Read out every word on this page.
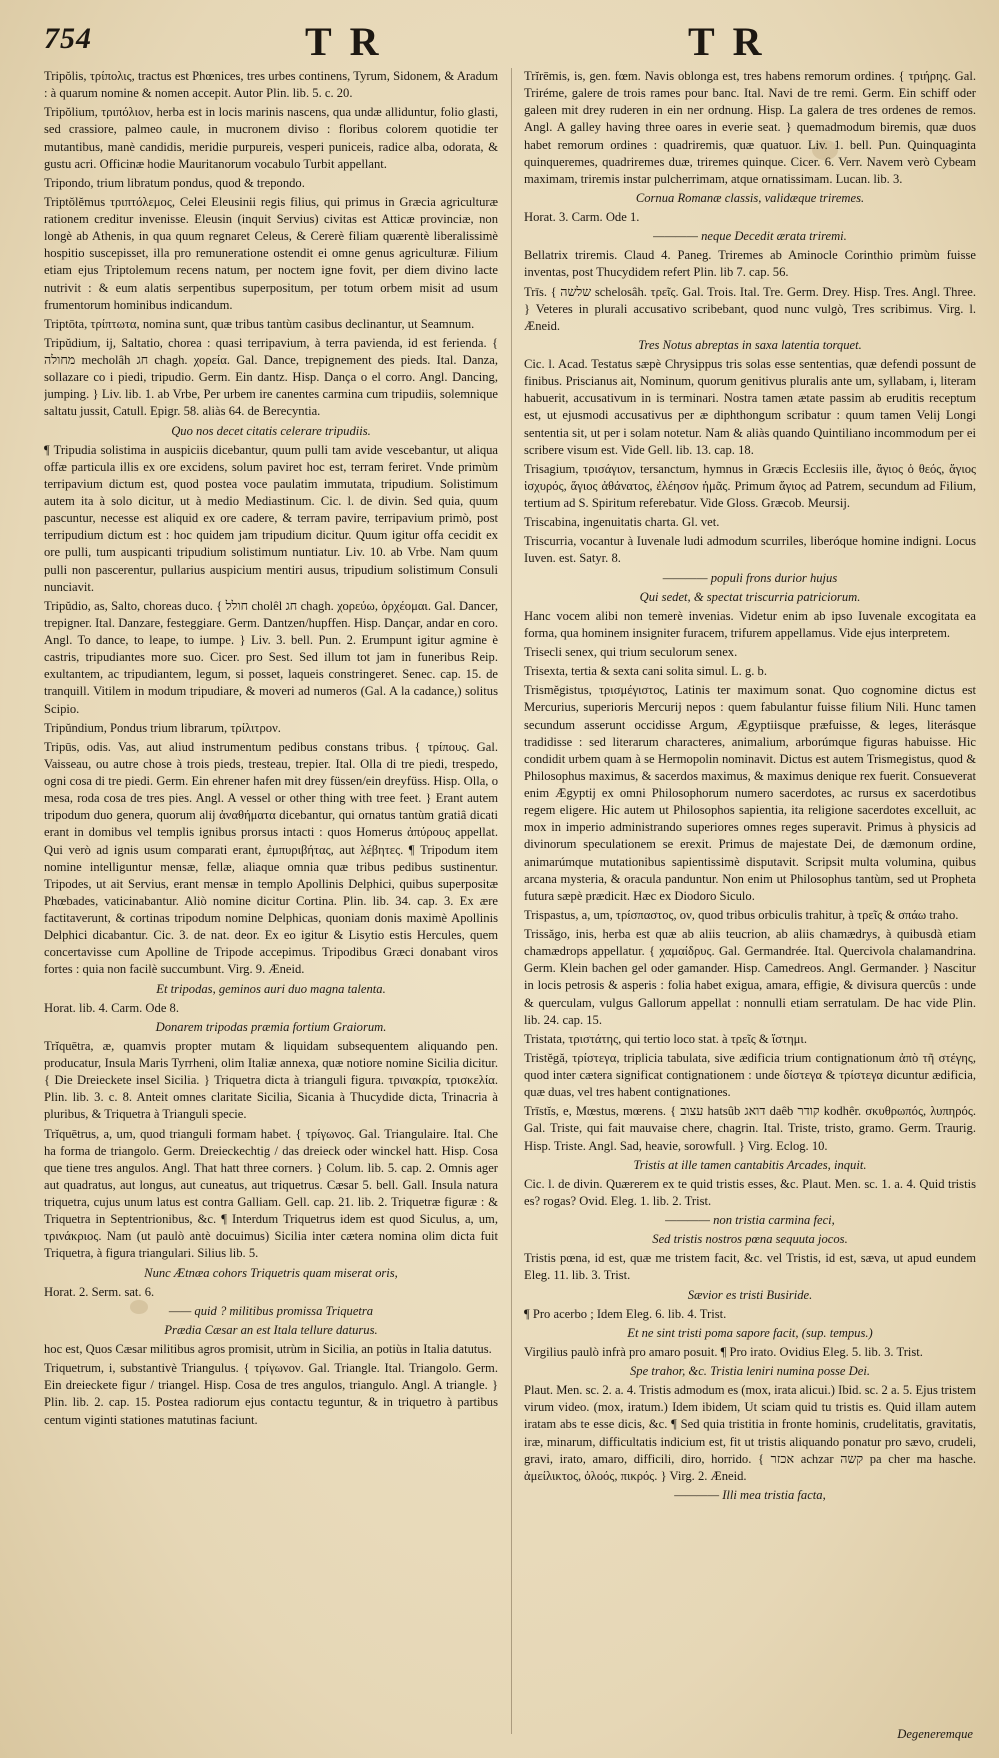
754	TR	TR

Tripŏlis, τρίπολις, tractus est Phœnices, tres urbes continens, Tyrum, Sidonem, & Aradum : à quarum nomine & nomen accepit. Autor Plin. lib. 5. c. 20.

Tripŏlium, τριπόλιον, herba est in locis marinis nascens, qua undæ alliduntur, folio glasti, sed crassiore, palmeo caule, in mucronem diviso : floribus colorem quotidie ter mutantibus, manè candidis, meridie purpureis, vesperi puniceis, radice alba, odorata, & gustu acri. Officinæ hodie Mauritanorum vocabulo Turbit appellant.

Tripondo, trium libratum pondus, quod & trepondo.

Triptŏlĕmus τριπτόλεμος, Celei Eleusinii regis filius, qui primus in Græcia agriculturæ rationem creditur invenisse. Eleusin (inquit Servius) civitas est Atticæ provinciæ, non longè ab Athenis, in qua quum regnaret Celeus, & Cererè filiam quærentè liberalissimè hospitio suscepisset, illa pro remuneratione ostendit ei omne genus agriculturæ. Filium etiam ejus Triptolemum recens natum, per noctem igne fovit, per diem divino lacte nutrivit : & eum alatis serpentibus superpositum, per totum orbem misit ad usum frumentorum hominibus indicandum.

Triptōta, τρίπτωτα, nomina sunt, quæ tribus tantùm casibus declinantur, ut Seamnum.

Tripŭdium, ij, Saltatio, chorea : quasi terripavium, à terra pavienda, id est ferienda. { מחולה mecholâh חג chagh. χορεία. Gal. Dance, trepignement des pieds. Ital. Danza, sollazare co i piedi, tripudio. Germ. Ein dantz. Hisp. Dança o el corro. Angl. Dancing, jumping. } Liv. lib. 1. ab Vrbe, Per urbem ire canentes carmina cum tripudiis, solemnique saltatu jussit, Catull. Epigr. 58. aliàs 64. de Berecyntia.

Quo nos decet citatis celerare tripudiis.

¶ Tripudia solistima in auspiciis dicebantur, quum pulli tam avide vescebantur, ut aliqua offæ particula illis ex ore excidens, solum paviret hoc est, terram feriret. Vnde primùm terripavium dictum est, quod postea voce paulatim immutata, tripudium. Solistimum autem ita à solo dicitur, ut à medio Mediastinum. Cic. l. de divin. Sed quia, quum pascuntur, necesse est aliquid ex ore cadere, & terram pavire, terripavium primò, post terripudium dictum est : hoc quidem jam tripudium dicitur. Quum igitur offa cecidit ex ore pulli, tum auspicanti tripudium solistimum nuntiatur. Liv. 10. ab Vrbe. Nam quum pulli non pascerentur, pullarius auspicium mentiri ausus, tripudium solistimum Consuli nunciavit.

Tripŭdio, as, Salto, choreas duco. { חולל cholêl חג chagh. χορεύω, ὀρχέομαι. Gal. Dancer, trepigner. Ital. Danzare, festeggiare. Germ. Dantzen/hupffen. Hisp. Dançar, andar en coro. Angl. To dance, to leape, to iumpe. } Liv. 3. bell. Pun. 2. Erumpunt igitur agmine è castris, tripudiantes more suo. Cicer. pro Sest. Sed illum tot jam in funeribus Reip. exultantem, ac tripudiantem, legum, si posset, laqueis constringeret. Senec. cap. 15. de tranquill. Vitilem in modum tripudiare, & moveri ad numeros (Gal. A la cadance,) solitus Scipio.

Tripŭndium, Pondus trium librarum, τρίλιτρον.

Tripūs, odis. Vas, aut aliud instrumentum pedibus constans tribus. { τρίπους. Gal. Vaisseau, ou autre chose à trois pieds, tresteau, trepier. Ital. Olla di tre piedi, trespedo, ogni cosa di tre piedi. Germ. Ein ehrener hafen mit drey füssen/ein dreyfüss. Hisp. Olla, o mesa, roda cosa de tres pies. Angl. A vessel or other thing with tree feet. } Erant autem tripodum duo genera, quorum alij ἀναθήματα dicebantur, qui ornatus tantùm gratiâ dicati erant in domibus vel templis ignibus prorsus intacti : quos Homerus ἀπύρους appellat. Qui verò ad ignis usum comparati erant, ἐμπυριβήτας, aut λέβητες. ¶ Tripodum item nomine intelliguntur mensæ, fellæ, aliaque omnia quæ tribus pedibus sustinentur. Tripodes, ut ait Servius, erant mensæ in templo Apollinis Delphici, quibus superpositæ Phœbades, vaticinabantur. Aliò nomine dicitur Cortina. Plin. lib. 34. cap. 3. Ex ære factitaverunt, & cortinas tripodum nomine Delphicas, quoniam donis maximè Apollinis Delphici dicabantur. Cic. 3. de nat. deor. Ex eo igitur & Lisytio estis Hercules, quem concertavisse cum Apolline de Tripode accepimus. Tripodibus Græci donabant viros fortes : quia non facilè succumbunt. Virg. 9. Æneid.

Et tripodas, geminos auri duo magna talenta.

Horat. lib. 4. Carm. Ode 8.

Donarem tripodas præmia fortium Graiorum.

Trĭquētra, æ, quamvis propter mutam & liquidam subsequentem aliquando pen. producatur, Insula Maris Tyrrheni, olim Italiæ annexa, quæ notiore nomine Sicilia dicitur. { Die Dreieckete insel Sicilia. } Triquetra dicta à trianguli figura. τρινακρία, τρισκελία. Plin. lib. 3. c. 8. Anteit omnes claritate Sicilia, Sicania à Thucydide dicta, Trinacria à pluribus, & Triquetra à Trianguli specie.

Trĭquētrus, a, um, quod trianguli formam habet. { τρίγωνος. Gal. Triangulaire. Ital. Che ha forma de triangolo. Germ. Dreieckechtig / das dreieck oder winckel hatt. Hisp. Cosa que tiene tres angulos. Angl. That hatt three corners. } Colum. lib. 5. cap. 2. Omnis ager aut quadratus, aut longus, aut cuneatus, aut triquetrus. Cæsar 5. bell. Gall. Insula natura triquetra, cujus unum latus est contra Galliam. Gell. cap. 21. lib. 2. Triquetræ figuræ : & Triquetra in Septentrionibus, &c. ¶ Interdum Triquetrus idem est quod Siculus, a, um, τρινάκριος. Nam (ut paulò antè docuimus) Sicilia inter cætera nomina olim dicta fuit Triquetra, à figura triangulari. Silius lib. 5.

Nunc Ætnæa cohors Triquetris quam miserat oris,

Horat. 2. Serm. sat. 6.

—— quid ? militibus promissa Triquetra

Prædia Cæsar an est Itala tellure daturus.

hoc est, Quos Cæsar militibus agros promisit, utrùm in Sicilia, an potiùs in Italia datutus.

Triquetrum, i, substantivè Triangulus. { τρίγωνον. Gal. Triangle. Ital. Triangolo. Germ. Ein dreieckete figur / triangel. Hisp. Cosa de tres angulos, triangulo. Angl. A triangle. } Plin. lib. 2. cap. 15. Postea radiorum ejus contactu teguntur, & in triquetro à partibus centum viginti stationes matutinas faciunt.

Trĭrēmis, is, gen. fœm. Navis oblonga est, tres habens remorum ordines. { τριήρης. Gal. Triréme, galere de trois rames pour banc. Ital. Navi de tre remi. Germ. Ein schiff oder galeen mit drey ruderen in ein ner ordnung. Hisp. La galera de tres ordenes de remos. Angl. A galley having three oares in everie seat. } quemadmodum biremis, quæ duos habet remorum ordines : quadriremis, quæ quatuor. Liv. 1. bell. Pun. Quinquaginta quinqueremes, quadriremes duæ, triremes quinque. Cicer. 6. Verr. Navem verò Cybeam maximam, triremis instar pulcherrimam, atque ornatissimam. Lucan. lib. 3.

Cornua Romanæ classis, validæque triremes.

Horat. 3. Carm. Ode 1.

———— neque Decedit ærata triremi.

Bellatrix triremis. Claud 4. Paneg. Triremes ab Aminocle Corinthio primùm fuisse inventas, post Thucydidem refert Plin. lib 7. cap. 56.

Trīs. { שלשה schelosâh. τρεῖς. Gal. Trois. Ital. Tre. Germ. Drey. Hisp. Tres. Angl. Three. } Veteres in plurali accusativo scribebant, quod nunc vulgò, Tres scribimus. Virg. l. Æneid.

Tres Notus abreptas in saxa latentia torquet.

Cic. l. Acad. Testatus sæpè Chrysippus tris solas esse sententias, quæ defendi possunt de finibus. Priscianus ait, Nominum, quorum genitivus pluralis ante um, syllabam, i, literam habuerit, accusativum in is terminari. Nostra tamen ætate passim ab eruditis receptum est, ut ejusmodi accusativus per æ diphthongum scribatur : quum tamen Velij Longi sententia sit, ut per i solam notetur. Nam & aliàs quando Quintiliano incommodum per ei scribere visum est. Vide Gell. lib. 13. cap. 18.

Trisagium, τρισάγιον, tersanctum, hymnus in Græcis Ecclesiis ille, ἅγιος ὁ θεός, ἅγιος ἰσχυρός, ἅγιος ἀθάνατος, ἐλέησον ἡμᾶς. Primum ἅγιος ad Patrem, secundum ad Filium, tertium ad S. Spiritum referebatur. Vide Gloss. Græcob. Meursij.

Triscabina, ingenuitatis charta. Gl. vet.

Triscurria, vocantur à Iuvenale ludi admodum scurriles, liberóque homine indigni. Locus Iuven. est. Satyr. 8.

———— populi frons durior hujus

Qui sedet, & spectat triscurria patriciorum.

Hanc vocem alibi non temerè invenias. Videtur enim ab ipso Iuvenale excogitata ea forma, qua hominem insigniter furacem, trifurem appellamus. Vide ejus interpretem.

Trisecli senex, qui trium seculorum senex.

Trisexta, tertia & sexta cani solita simul. L. g. b.

Trismĕgistus, τρισμέγιστος, Latinis ter maximum sonat. Quo cognomine dictus est Mercurius, superioris Mercurij nepos : quem fabulantur fuisse filium Nili. Hunc tamen secundum asserunt occidisse Argum, Ægyptiisque præfuisse, & leges, literásque tradidisse : sed literarum characteres, animalium, arborúmque figuras habuisse. Hic condidit urbem quam à se Hermopolin nominavit. Dictus est autem Trismegistus, quod & Philosophus maximus, & sacerdos maximus, & maximus denique rex fuerit. Consueverat enim Ægyptij ex omni Philosophorum numero sacerdotes, ac rursus ex sacerdotibus regem eligere. Hic autem ut Philosophos sapientia, ita religione sacerdotes excelluit, ac mox in imperio administrando superiores omnes reges superavit. Primus à physicis ad divinorum speculationem se erexit. Primus de majestate Dei, de dæmonum ordine, animarúmque mutationibus sapientissimè disputavit. Scripsit multa volumina, quibus arcana mysteria, & oracula panduntur. Non enim ut Philosophus tantùm, sed ut Propheta futura sæpè prædicit. Hæc ex Diodoro Siculo.

Trispastus, a, um, τρίσπαστος, ον, quod tribus orbiculis trahitur, à τρεῖς & σπάω traho.

Trissăgo, inis, herba est quæ ab aliis teucrion, ab aliis chamædrys, à quibusdà etiam chamædrops appellatur. { χαμαίδρυς. Gal. Germandrée. Ital. Quercivola chalamandrina. Germ. Klein bachen gel oder gamander. Hisp. Camedreos. Angl. Germander. } Nascitur in locis petrosis & asperis : folia habet exigua, amara, effigie, & divisura quercûs : unde & querculam, vulgus Gallorum appellat : nonnulli etiam serratulam. De hac vide Plin. lib. 24. cap. 15.

Tristata, τριστάτης, qui tertio loco stat. à τρεῖς & ἵστημι.

Tristĕgă, τρίστεγα, triplicia tabulata, sive ædificia trium contignationum ἀπὸ τῆ στέγης, quod inter cætera significat contignationem : unde δίστεγα & τρίστεγα dicuntur ædificia, quæ duas, vel tres habent contignationes.

Trīstĭs, e, Mœstus, mœrens. { עצוב hatsûb דואג daêb קודר kodhêr. σκυθρωπός, λυπηρός. Gal. Triste, qui fait mauvaise chere, chagrin. Ital. Triste, tristo, gramo. Germ. Traurig. Hisp. Triste. Angl. Sad, heavie, sorowfull. } Virg. Eclog. 10.

Tristis at ille tamen cantabitis Arcades, inquit.

Cic. l. de divin. Quærerem ex te quid tristis esses, &c. Plaut. Men. sc. 1. a. 4. Quid tristis es? rogas? Ovid. Eleg. 1. lib. 2. Trist.

———— non tristia carmina feci,

Sed tristis nostros pœna sequuta jocos.

Tristis pœna, id est, quæ me tristem facit, &c. vel Tristis, id est, sæva, ut apud eundem Eleg. 11. lib. 3. Trist.

Sævior es tristi Busiride.

¶ Pro acerbo ; Idem Eleg. 6. lib. 4. Trist.

Et ne sint tristi poma sapore facit, (sup. tempus.)

Virgilius paulò infrà pro amaro posuit. ¶ Pro irato. Ovidius Eleg. 5. lib. 3. Trist.

Spe trahor, &c. Tristia leniri numina posse Dei.

Plaut. Men. sc. 2. a. 4. Tristis admodum es (mox, irata alicui.) Ibid. sc. 2 a. 5. Ejus tristem virum video. (mox, iratum.) Idem ibidem, Ut sciam quid tu tristis es. Quid illam autem iratam abs te esse dicis, &c. ¶ Sed quia tristitia in fronte hominis, crudelitatis, gravitatis, iræ, minarum, difficultatis indicium est, fit ut tristis aliquando ponatur pro sævo, crudeli, gravi, irato, amaro, difficili, diro, horrido. { אכזר achzar קשה pa cher ma hasche. ἀμείλικτος, ὀλοός, πικρός. } Virg. 2. Æneid.

———— Illi mea tristia facta,

Degeneremque
